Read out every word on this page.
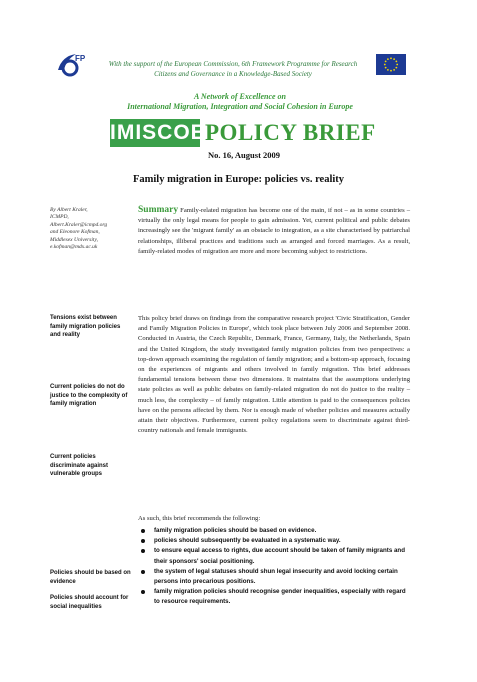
FP
With the support of the European Commission, 6th Framework Programme for Research Citizens and Governance in a Knowledge-Based Society
A Network of Excellence on
International Migration, Integration and Social Cohesion in Europe
IMISCOE POLICY BRIEF
No. 16, August 2009
Family migration in Europe: policies vs. reality
By Albert Kraler,
ICMPD,
Albert.Kraler@icmpd.org
and Eleonore Kofman,
Middlesex University,
e.kofman@mdx.ac.uk
Summary Family-related migration has become one of the main, if not – as in some countries – virtually the only legal means for people to gain admission. Yet, current political and public debates increasingly see the 'migrant family' as an obstacle to integration, as a site characterised by patriarchal relationships, illiberal practices and traditions such as arranged and forced marriages. As a result, family-related modes of migration are more and more becoming subject to restrictions.
This policy brief draws on findings from the comparative research project 'Civic Stratification, Gender and Family Migration Policies in Europe', which took place between July 2006 and September 2008. Conducted in Austria, the Czech Republic, Denmark, France, Germany, Italy, the Netherlands, Spain and the United Kingdom, the study investigated family migration policies from two perspectives: a top-down approach examining the regulation of family migration; and a bottom-up approach, focusing on the experiences of migrants and others involved in family migration. This brief addresses fundamental tensions between these two dimensions. It maintains that the assumptions underlying state policies as well as public debates on family-related migration do not do justice to the reality – much less, the complexity – of family migration. Little attention is paid to the consequences policies have on the persons affected by them. Nor is enough made of whether policies and measures actually attain their objectives. Furthermore, current policy regulations seem to discriminate against third-country nationals and female immigrants.
Tensions exist between family migration policies and reality
Current policies do not do justice to the complexity of family migration
Current policies discriminate against vulnerable groups
Policies should be based on evidence
Policies should account for social inequalities
As such, this brief recommends the following:
family migration policies should be based on evidence.
policies should subsequently be evaluated in a systematic way.
to ensure equal access to rights, due account should be taken of family migrants and their sponsors' social positioning.
the system of legal statuses should shun legal insecurity and avoid locking certain persons into precarious positions.
family migration policies should recognise gender inequalities, especially with regard to resource requirements.
